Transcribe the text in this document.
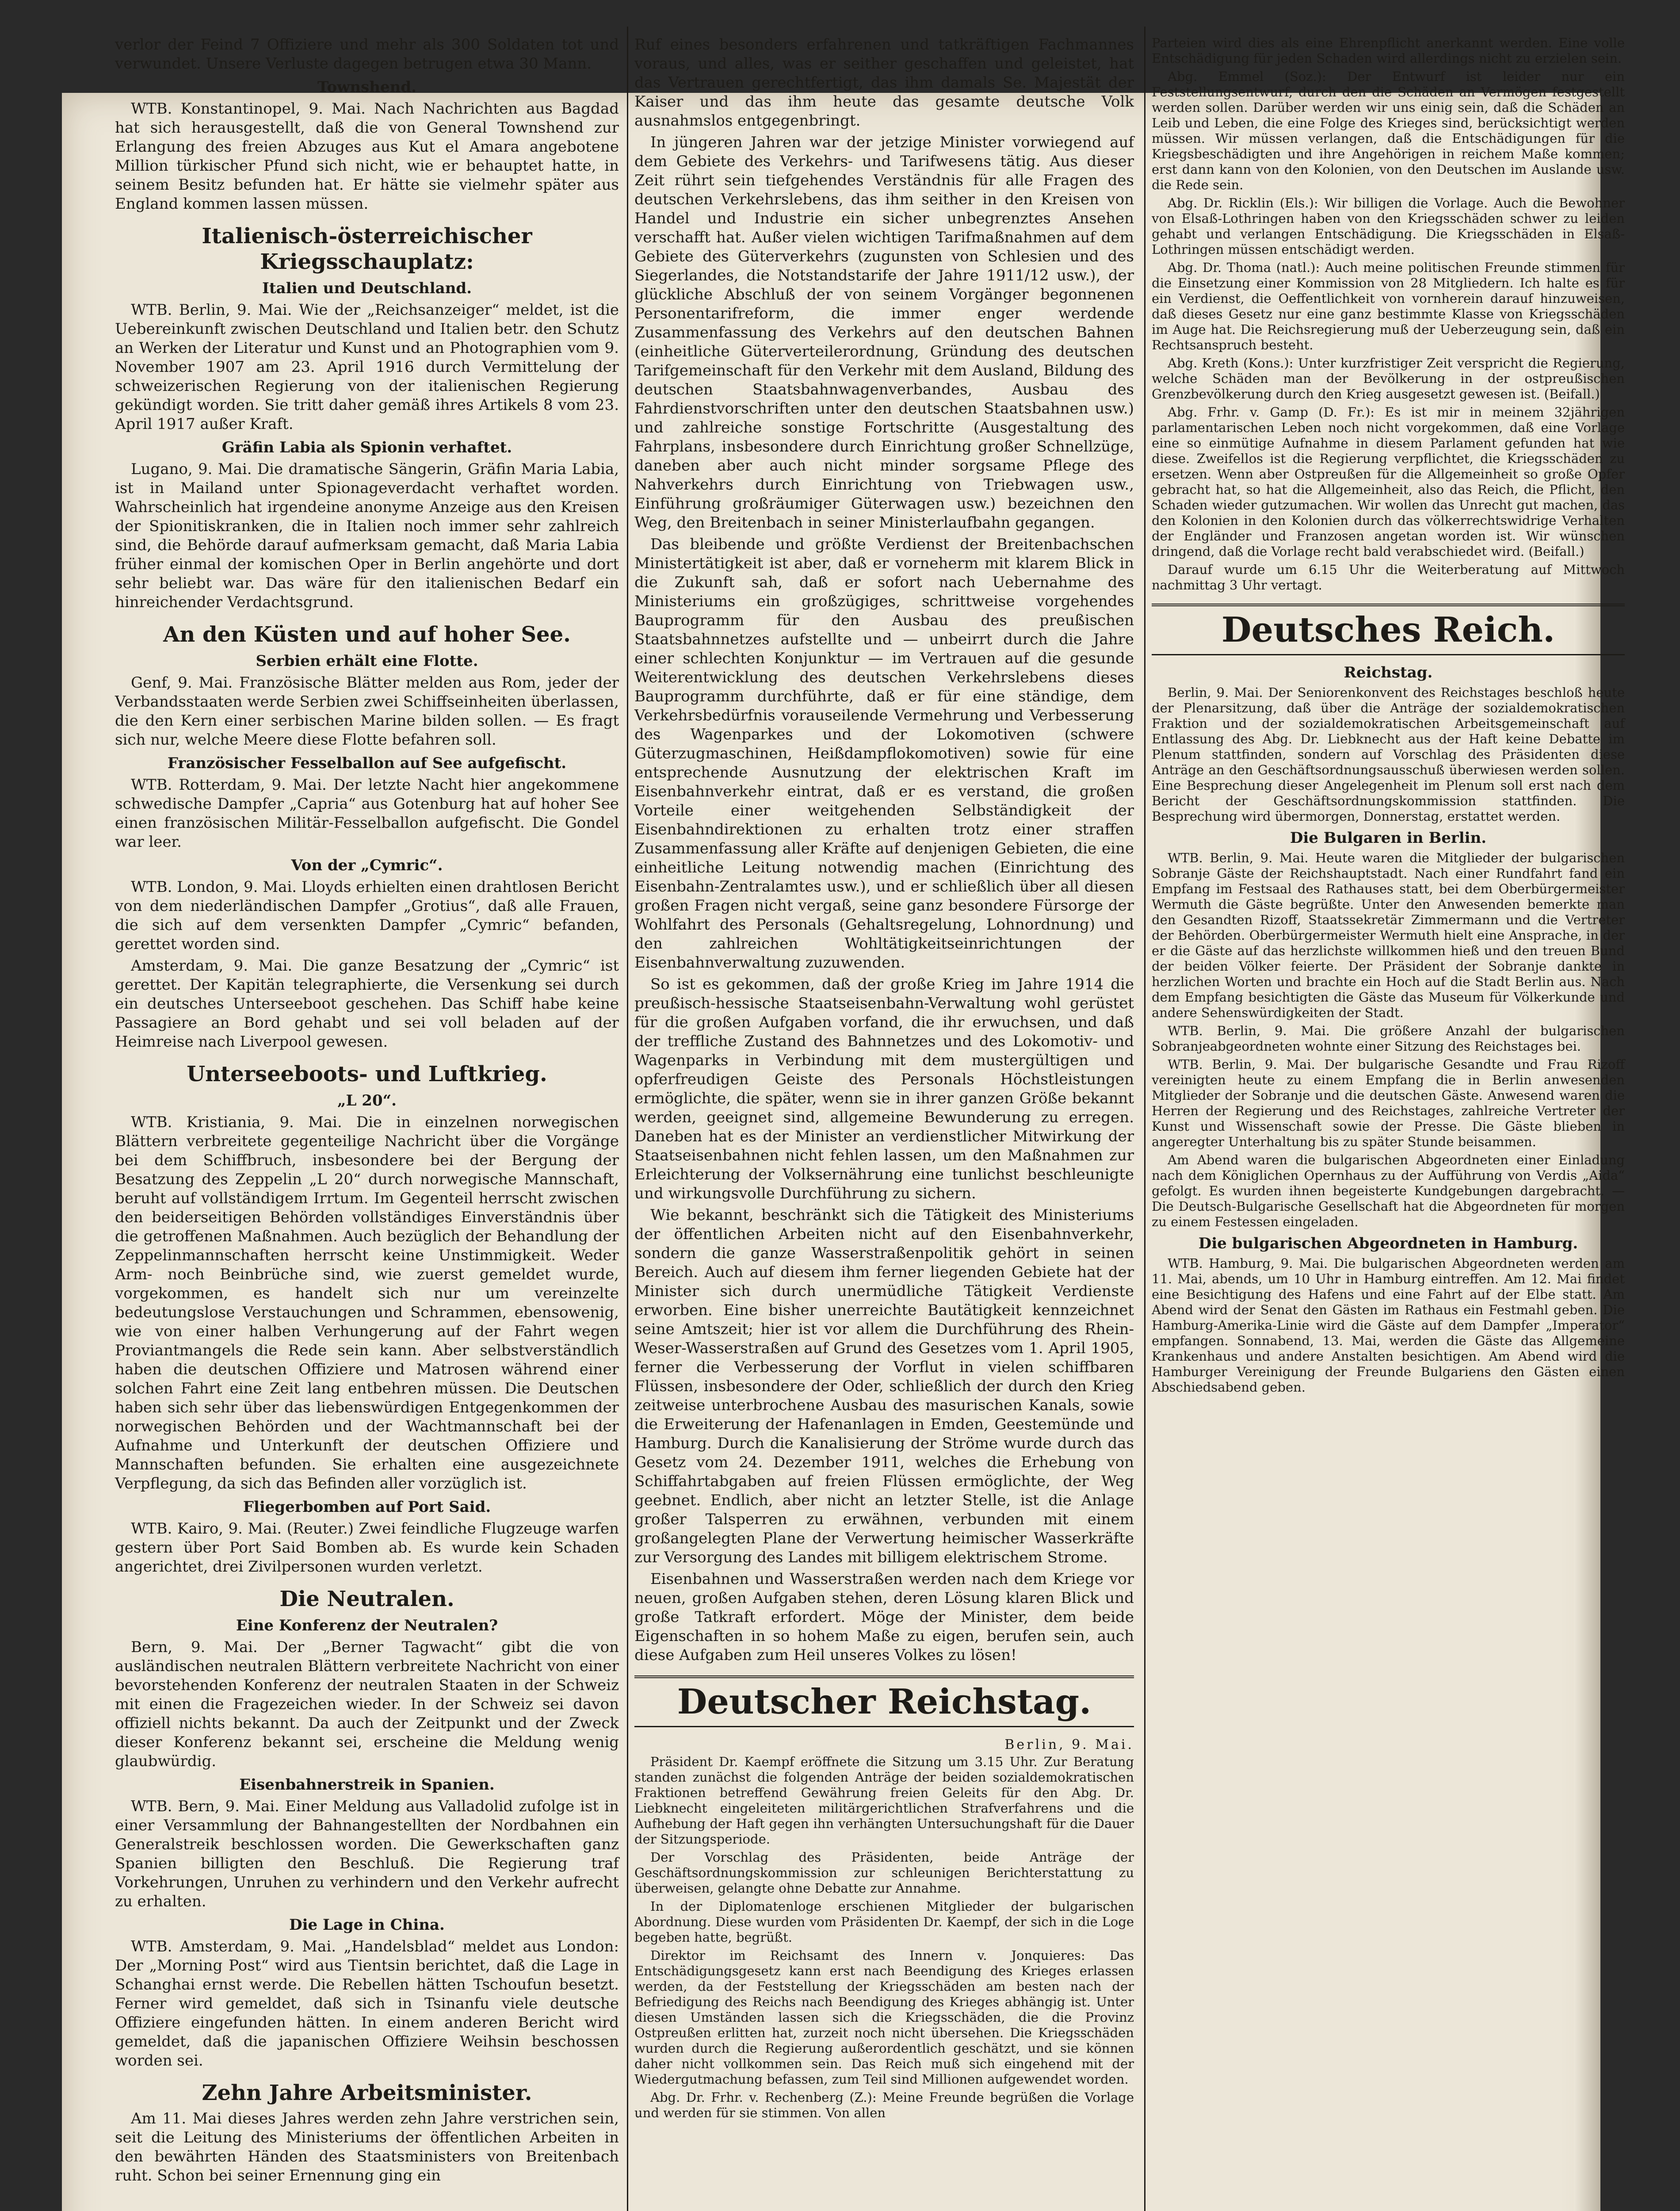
verlor der Feind 7 Offiziere und mehr als 300 Soldaten tot und verwundet. Unsere Verluste dagegen betrugen etwa 30 Mann.

Townshend.

WTB. Konstantinopel, 9. Mai. Nach Nachrichten aus Bagdad hat sich herausgestellt, daß die von General Townshend zur Erlangung des freien Abzuges aus Kut el Amara angebotene Million türkischer Pfund sich nicht, wie er behauptet hatte, in seinem Besitz befunden hat. Er hätte sie vielmehr später aus England kommen lassen müssen.

Italienisch-österreichischer Kriegsschauplatz:
Italien und Deutschland.

WTB. Berlin, 9. Mai. Wie der „Reichsanzeiger“ meldet, ist die Uebereinkunft zwischen Deutschland und Italien betr. den Schutz an Werken der Literatur und Kunst und an Photographien vom 9. November 1907 am 23. April 1916 durch Vermittelung der schweizerischen Regierung von der italienischen Regierung gekündigt worden. Sie tritt daher gemäß ihres Artikels 8 vom 23. April 1917 außer Kraft.

Gräfin Labia als Spionin verhaftet.

Lugano, 9. Mai. Die dramatische Sängerin, Gräfin Maria Labia, ist in Mailand unter Spionageverdacht verhaftet worden. Wahrscheinlich hat irgendeine anonyme Anzeige aus den Kreisen der Spionitiskranken, die in Italien noch immer sehr zahlreich sind, die Behörde darauf aufmerksam gemacht, daß Maria Labia früher einmal der komischen Oper in Berlin angehörte und dort sehr beliebt war. Das wäre für den italienischen Bedarf ein hinreichender Verdachtsgrund.

An den Küsten und auf hoher See.
Serbien erhält eine Flotte.

Genf, 9. Mai. Französische Blätter melden aus Rom, jeder der Verbandsstaaten werde Serbien zwei Schiffseinheiten überlassen, die den Kern einer serbischen Marine bilden sollen. — Es fragt sich nur, welche Meere diese Flotte befahren soll.

Französischer Fesselballon auf See aufgefischt.

WTB. Rotterdam, 9. Mai. Der letzte Nacht hier angekommene schwedische Dampfer „Capria“ aus Gotenburg hat auf hoher See einen französischen Militär-Fesselballon aufgefischt. Die Gondel war leer.

Von der „Cymric“.

WTB. London, 9. Mai. Lloyds erhielten einen drahtlosen Bericht von dem niederländischen Dampfer „Grotius“, daß alle Frauen, die sich auf dem versenkten Dampfer „Cymric“ befanden, gerettet worden sind.

Amsterdam, 9. Mai. Die ganze Besatzung der „Cymric“ ist gerettet. Der Kapitän telegraphierte, die Versenkung sei durch ein deutsches Unterseeboot geschehen. Das Schiff habe keine Passagiere an Bord gehabt und sei voll beladen auf der Heimreise nach Liverpool gewesen.

Unterseeboots- und Luftkrieg.
„L 20“.

WTB. Kristiania, 9. Mai. Die in einzelnen norwegischen Blättern verbreitete gegenteilige Nachricht über die Vorgänge bei dem Schiffbruch, insbesondere bei der Bergung der Besatzung des Zeppelin „L 20“ durch norwegische Mannschaft, beruht auf vollständigem Irrtum. Im Gegenteil herrscht zwischen den beiderseitigen Behörden vollständiges Einverständnis über die getroffenen Maßnahmen. Auch bezüglich der Behandlung der Zeppelinmannschaften herrscht keine Unstimmigkeit. Weder Arm- noch Beinbrüche sind, wie zuerst gemeldet wurde, vorgekommen, es handelt sich nur um vereinzelte bedeutungslose Verstauchungen und Schrammen, ebensowenig, wie von einer halben Verhungerung auf der Fahrt wegen Proviantmangels die Rede sein kann. Aber selbstverständlich haben die deutschen Offiziere und Matrosen während einer solchen Fahrt eine Zeit lang entbehren müssen. Die Deutschen haben sich sehr über das liebenswürdigen Entgegenkommen der norwegischen Behörden und der Wachtmannschaft bei der Aufnahme und Unterkunft der deutschen Offiziere und Mannschaften befunden. Sie erhalten eine ausgezeichnete Verpflegung, da sich das Befinden aller vorzüglich ist.

Fliegerbomben auf Port Said.

WTB. Kairo, 9. Mai. (Reuter.) Zwei feindliche Flugzeuge warfen gestern über Port Said Bomben ab. Es wurde kein Schaden angerichtet, drei Zivilpersonen wurden verletzt.

Die Neutralen.
Eine Konferenz der Neutralen?

Bern, 9. Mai. Der „Berner Tagwacht“ gibt die von ausländischen neutralen Blättern verbreitete Nachricht von einer bevorstehenden Konferenz der neutralen Staaten in der Schweiz mit einen die Fragezeichen wieder. In der Schweiz sei davon offiziell nichts bekannt. Da auch der Zeitpunkt und der Zweck dieser Konferenz bekannt sei, erscheine die Meldung wenig glaubwürdig.

Eisenbahnerstreik in Spanien.

WTB. Bern, 9. Mai. Einer Meldung aus Valladolid zufolge ist in einer Versammlung der Bahnangestellten der Nordbahnen ein Generalstreik beschlossen worden. Die Gewerkschaften ganz Spanien billigten den Beschluß. Die Regierung traf Vorkehrungen, Unruhen zu verhindern und den Verkehr aufrecht zu erhalten.

Die Lage in China.

WTB. Amsterdam, 9. Mai. „Handelsblad“ meldet aus London: Der „Morning Post“ wird aus Tientsin berichtet, daß die Lage in Schanghai ernst werde. Die Rebellen hätten Tschoufun besetzt. Ferner wird gemeldet, daß sich in Tsinanfu viele deutsche Offiziere eingefunden hätten. In einem anderen Bericht wird gemeldet, daß die japanischen Offiziere Weihsin beschossen worden sei.

Zehn Jahre Arbeitsminister.

Am 11. Mai dieses Jahres werden zehn Jahre verstrichen sein, seit die Leitung des Ministeriums der öffentlichen Arbeiten in den bewährten Händen des Staatsministers von Breitenbach ruht. Schon bei seiner Ernennung ging ein

Ruf eines besonders erfahrenen und tatkräftigen Fachmannes voraus, und alles, was er seither geschaffen und geleistet, hat das Vertrauen gerechtfertigt, das ihm damals Se. Majestät der Kaiser und das ihm heute das gesamte deutsche Volk ausnahmslos entgegenbringt.

In jüngeren Jahren war der jetzige Minister vorwiegend auf dem Gebiete des Verkehrs- und Tarifwesens tätig. Aus dieser Zeit rührt sein tiefgehendes Verständnis für alle Fragen des deutschen Verkehrslebens, das ihm seither in den Kreisen von Handel und Industrie ein sicher unbegrenztes Ansehen verschafft hat. Außer vielen wichtigen Tarifmaßnahmen auf dem Gebiete des Güterverkehrs (zugunsten von Schlesien und des Siegerlandes, die Notstandstarife der Jahre 1911/12 usw.), der glückliche Abschluß der von seinem Vorgänger begonnenen Personentarifreform, die immer enger werdende Zusammenfassung des Verkehrs auf den deutschen Bahnen (einheitliche Güterverteilerordnung, Gründung des deutschen Tarifgemeinschaft für den Verkehr mit dem Ausland, Bildung des deutschen Staatsbahnwagenverbandes, Ausbau des Fahrdienstvorschriften unter den deutschen Staatsbahnen usw.) und zahlreiche sonstige Fortschritte (Ausgestaltung des Fahrplans, insbesondere durch Einrichtung großer Schnellzüge, daneben aber auch nicht minder sorgsame Pflege des Nahverkehrs durch Einrichtung von Triebwagen usw., Einführung großräumiger Güterwagen usw.) bezeichnen den Weg, den Breitenbach in seiner Ministerlaufbahn gegangen.

Das bleibende und größte Verdienst der Breitenbachschen Ministertätigkeit ist aber, daß er vorneherm mit klarem Blick in die Zukunft sah, daß er sofort nach Uebernahme des Ministeriums ein großzügiges, schrittweise vorgehendes Bauprogramm für den Ausbau des preußischen Staatsbahnnetzes aufstellte und — unbeirrt durch die Jahre einer schlechten Konjunktur — im Vertrauen auf die gesunde Weiterentwicklung des deutschen Verkehrslebens dieses Bauprogramm durchführte, daß er für eine ständige, dem Verkehrsbedürfnis vorauseilende Vermehrung und Verbesserung des Wagenparkes und der Lokomotiven (schwere Güterzugmaschinen, Heißdampflokomotiven) sowie für eine entsprechende Ausnutzung der elektrischen Kraft im Eisenbahnverkehr eintrat, daß er es verstand, die großen Vorteile einer weitgehenden Selbständigkeit der Eisenbahndirektionen zu erhalten trotz einer straffen Zusammenfassung aller Kräfte auf denjenigen Gebieten, die eine einheitliche Leitung notwendig machen (Einrichtung des Eisenbahn-Zentralamtes usw.), und er schließlich über all diesen großen Fragen nicht vergaß, seine ganz besondere Fürsorge der Wohlfahrt des Personals (Gehaltsregelung, Lohnordnung) und den zahlreichen Wohltätigkeitseinrichtungen der Eisenbahnverwaltung zuzuwenden.

So ist es gekommen, daß der große Krieg im Jahre 1914 die preußisch-hessische Staatseisenbahn-Verwaltung wohl gerüstet für die großen Aufgaben vorfand, die ihr erwuchsen, und daß der treffliche Zustand des Bahnnetzes und des Lokomotiv- und Wagenparks in Verbindung mit dem mustergültigen und opferfreudigen Geiste des Personals Höchstleistungen ermöglichte, die später, wenn sie in ihrer ganzen Größe bekannt werden, geeignet sind, allgemeine Bewunderung zu erregen. Daneben hat es der Minister an verdienstlicher Mitwirkung der Staatseisenbahnen nicht fehlen lassen, um den Maßnahmen zur Erleichterung der Volksernährung eine tunlichst beschleunigte und wirkungsvolle Durchführung zu sichern.

Wie bekannt, beschränkt sich die Tätigkeit des Ministeriums der öffentlichen Arbeiten nicht auf den Eisenbahnverkehr, sondern die ganze Wasserstraßenpolitik gehört in seinen Bereich. Auch auf diesem ihm ferner liegenden Gebiete hat der Minister sich durch unermüdliche Tätigkeit Verdienste erworben. Eine bisher unerreichte Bautätigkeit kennzeichnet seine Amtszeit; hier ist vor allem die Durchführung des Rhein-Weser-Wasserstraßen auf Grund des Gesetzes vom 1. April 1905, ferner die Verbesserung der Vorflut in vielen schiffbaren Flüssen, insbesondere der Oder, schließlich der durch den Krieg zeitweise unterbrochene Ausbau des masurischen Kanals, sowie die Erweiterung der Hafenanlagen in Emden, Geestemünde und Hamburg. Durch die Kanalisierung der Ströme wurde durch das Gesetz vom 24. Dezember 1911, welches die Erhebung von Schiffahrtabgaben auf freien Flüssen ermöglichte, der Weg geebnet. Endlich, aber nicht an letzter Stelle, ist die Anlage großer Talsperren zu erwähnen, verbunden mit einem großangelegten Plane der Verwertung heimischer Wasserkräfte zur Versorgung des Landes mit billigem elektrischem Strome.

Eisenbahnen und Wasserstraßen werden nach dem Kriege vor neuen, großen Aufgaben stehen, deren Lösung klaren Blick und große Tatkraft erfordert. Möge der Minister, dem beide Eigenschaften in so hohem Maße zu eigen, berufen sein, auch diese Aufgaben zum Heil unseres Volkes zu lösen!

Deutscher Reichstag.
Berlin, 9. Mai.

Präsident Dr. Kaempf eröffnete die Sitzung um 3.15 Uhr. Zur Beratung standen zunächst die folgenden Anträge der beiden sozialdemokratischen Fraktionen betreffend Gewährung freien Geleits für den Abg. Dr. Liebknecht eingeleiteten militärgerichtlichen Strafverfahrens und die Aufhebung der Haft gegen ihn verhängten Untersuchungshaft für die Dauer der Sitzungsperiode.

Der Vorschlag des Präsidenten, beide Anträge der Geschäftsordnungskommission zur schleunigen Berichterstattung zu überweisen, gelangte ohne Debatte zur Annahme.

In der Diplomatenloge erschienen Mitglieder der bulgarischen Abordnung. Diese wurden vom Präsidenten Dr. Kaempf, der sich in die Loge begeben hatte, begrüßt.

Direktor im Reichsamt des Innern v. Jonquieres: Das Entschädigungsgesetz kann erst nach Beendigung des Krieges erlassen werden, da der Feststellung der Kriegsschäden am besten nach der Befriedigung des Reichs nach Beendigung des Krieges abhängig ist. Unter diesen Umständen lassen sich die Kriegsschäden, die die Provinz Ostpreußen erlitten hat, zurzeit noch nicht übersehen. Die Kriegsschäden wurden durch die Regierung außerordentlich geschätzt, und sie können daher nicht vollkommen sein. Das Reich muß sich eingehend mit der Wiedergutmachung befassen, zum Teil sind Millionen aufgewendet worden.

Abg. Dr. Frhr. v. Rechenberg (Z.): Meine Freunde begrüßen die Vorlage und werden für sie stimmen. Von allen

Parteien wird dies als eine Ehrenpflicht anerkannt werden. Eine volle Entschädigung für jeden Schaden wird allerdings nicht zu erzielen sein.

Abg. Emmel (Soz.): Der Entwurf ist leider nur ein Feststellungsentwurf, durch den die Schäden an Vermögen festgestellt werden sollen. Darüber werden wir uns einig sein, daß die Schäden an Leib und Leben, die eine Folge des Krieges sind, berücksichtigt werden müssen. Wir müssen verlangen, daß die Entschädigungen für die Kriegsbeschädigten und ihre Angehörigen in reichem Maße kommen; erst dann kann von den Kolonien, von den Deutschen im Auslande usw. die Rede sein.

Abg. Dr. Ricklin (Els.): Wir billigen die Vorlage. Auch die Bewohner von Elsaß-Lothringen haben von den Kriegsschäden schwer zu leiden gehabt und verlangen Entschädigung. Die Kriegsschäden in Elsaß-Lothringen müssen entschädigt werden.

Abg. Dr. Thoma (natl.): Auch meine politischen Freunde stimmen für die Einsetzung einer Kommission von 28 Mitgliedern. Ich halte es für ein Verdienst, die Oeffentlichkeit von vornherein darauf hinzuweisen, daß dieses Gesetz nur eine ganz bestimmte Klasse von Kriegsschäden im Auge hat. Die Reichsregierung muß der Ueberzeugung sein, daß ein Rechtsanspruch besteht.

Abg. Kreth (Kons.): Unter kurzfristiger Zeit verspricht die Regierung, welche Schäden man der Bevölkerung in der ostpreußischen Grenzbevölkerung durch den Krieg ausgesetzt gewesen ist. (Beifall.)

Abg. Frhr. v. Gamp (D. Fr.): Es ist mir in meinem 32jährigen parlamentarischen Leben noch nicht vorgekommen, daß eine Vorlage eine so einmütige Aufnahme in diesem Parlament gefunden hat wie diese. Zweifellos ist die Regierung verpflichtet, die Kriegsschäden zu ersetzen. Wenn aber Ostpreußen für die Allgemeinheit so große Opfer gebracht hat, so hat die Allgemeinheit, also das Reich, die Pflicht, den Schaden wieder gutzumachen. Wir wollen das Unrecht gut machen, das den Kolonien in den Kolonien durch das völkerrechtswidrige Verhalten der Engländer und Franzosen angetan worden ist. Wir wünschen dringend, daß die Vorlage recht bald verabschiedet wird. (Beifall.)

Darauf wurde um 6.15 Uhr die Weiterberatung auf Mittwoch nachmittag 3 Uhr vertagt.

Deutsches Reich.
Reichstag.

Berlin, 9. Mai. Der Seniorenkonvent des Reichstages beschloß heute der Plenarsitzung, daß über die Anträge der sozialdemokratischen Fraktion und der sozialdemokratischen Arbeitsgemeinschaft auf Entlassung des Abg. Dr. Liebknecht aus der Haft keine Debatte im Plenum stattfinden, sondern auf Vorschlag des Präsidenten diese Anträge an den Geschäftsordnungsausschuß überwiesen werden sollen. Eine Besprechung dieser Angelegenheit im Plenum soll erst nach dem Bericht der Geschäftsordnungskommission stattfinden. Die Besprechung wird übermorgen, Donnerstag, erstattet werden.

Die Bulgaren in Berlin.

WTB. Berlin, 9. Mai. Heute waren die Mitglieder der bulgarischen Sobranje Gäste der Reichshauptstadt. Nach einer Rundfahrt fand ein Empfang im Festsaal des Rathauses statt, bei dem Oberbürgermeister Wermuth die Gäste begrüßte. Unter den Anwesenden bemerkte man den Gesandten Rizoff, Staatssekretär Zimmermann und die Vertreter der Behörden. Oberbürgermeister Wermuth hielt eine Ansprache, in der er die Gäste auf das herzlichste willkommen hieß und den treuen Bund der beiden Völker feierte. Der Präsident der Sobranje dankte in herzlichen Worten und brachte ein Hoch auf die Stadt Berlin aus. Nach dem Empfang besichtigten die Gäste das Museum für Völkerkunde und andere Sehenswürdigkeiten der Stadt.

WTB. Berlin, 9. Mai. Die größere Anzahl der bulgarischen Sobranjeabgeordneten wohnte einer Sitzung des Reichstages bei.

WTB. Berlin, 9. Mai. Der bulgarische Gesandte und Frau Rizoff vereinigten heute zu einem Empfang die in Berlin anwesenden Mitglieder der Sobranje und die deutschen Gäste. Anwesend waren die Herren der Regierung und des Reichstages, zahlreiche Vertreter der Kunst und Wissenschaft sowie der Presse. Die Gäste blieben in angeregter Unterhaltung bis zu später Stunde beisammen.

Am Abend waren die bulgarischen Abgeordneten einer Einladung nach dem Königlichen Opernhaus zu der Aufführung von Verdis „Aida“ gefolgt. Es wurden ihnen begeisterte Kundgebungen dargebracht. — Die Deutsch-Bulgarische Gesellschaft hat die Abgeordneten für morgen zu einem Festessen eingeladen.

Die bulgarischen Abgeordneten in Hamburg.

WTB. Hamburg, 9. Mai. Die bulgarischen Abgeordneten werden am 11. Mai, abends, um 10 Uhr in Hamburg eintreffen. Am 12. Mai findet eine Besichtigung des Hafens und eine Fahrt auf der Elbe statt. Am Abend wird der Senat den Gästen im Rathaus ein Festmahl geben. Die Hamburg-Amerika-Linie wird die Gäste auf dem Dampfer „Imperator“ empfangen. Sonnabend, 13. Mai, werden die Gäste das Allgemeine Krankenhaus und andere Anstalten besichtigen. Am Abend wird die Hamburger Vereinigung der Freunde Bulgariens den Gästen einen Abschiedsabend geben.
